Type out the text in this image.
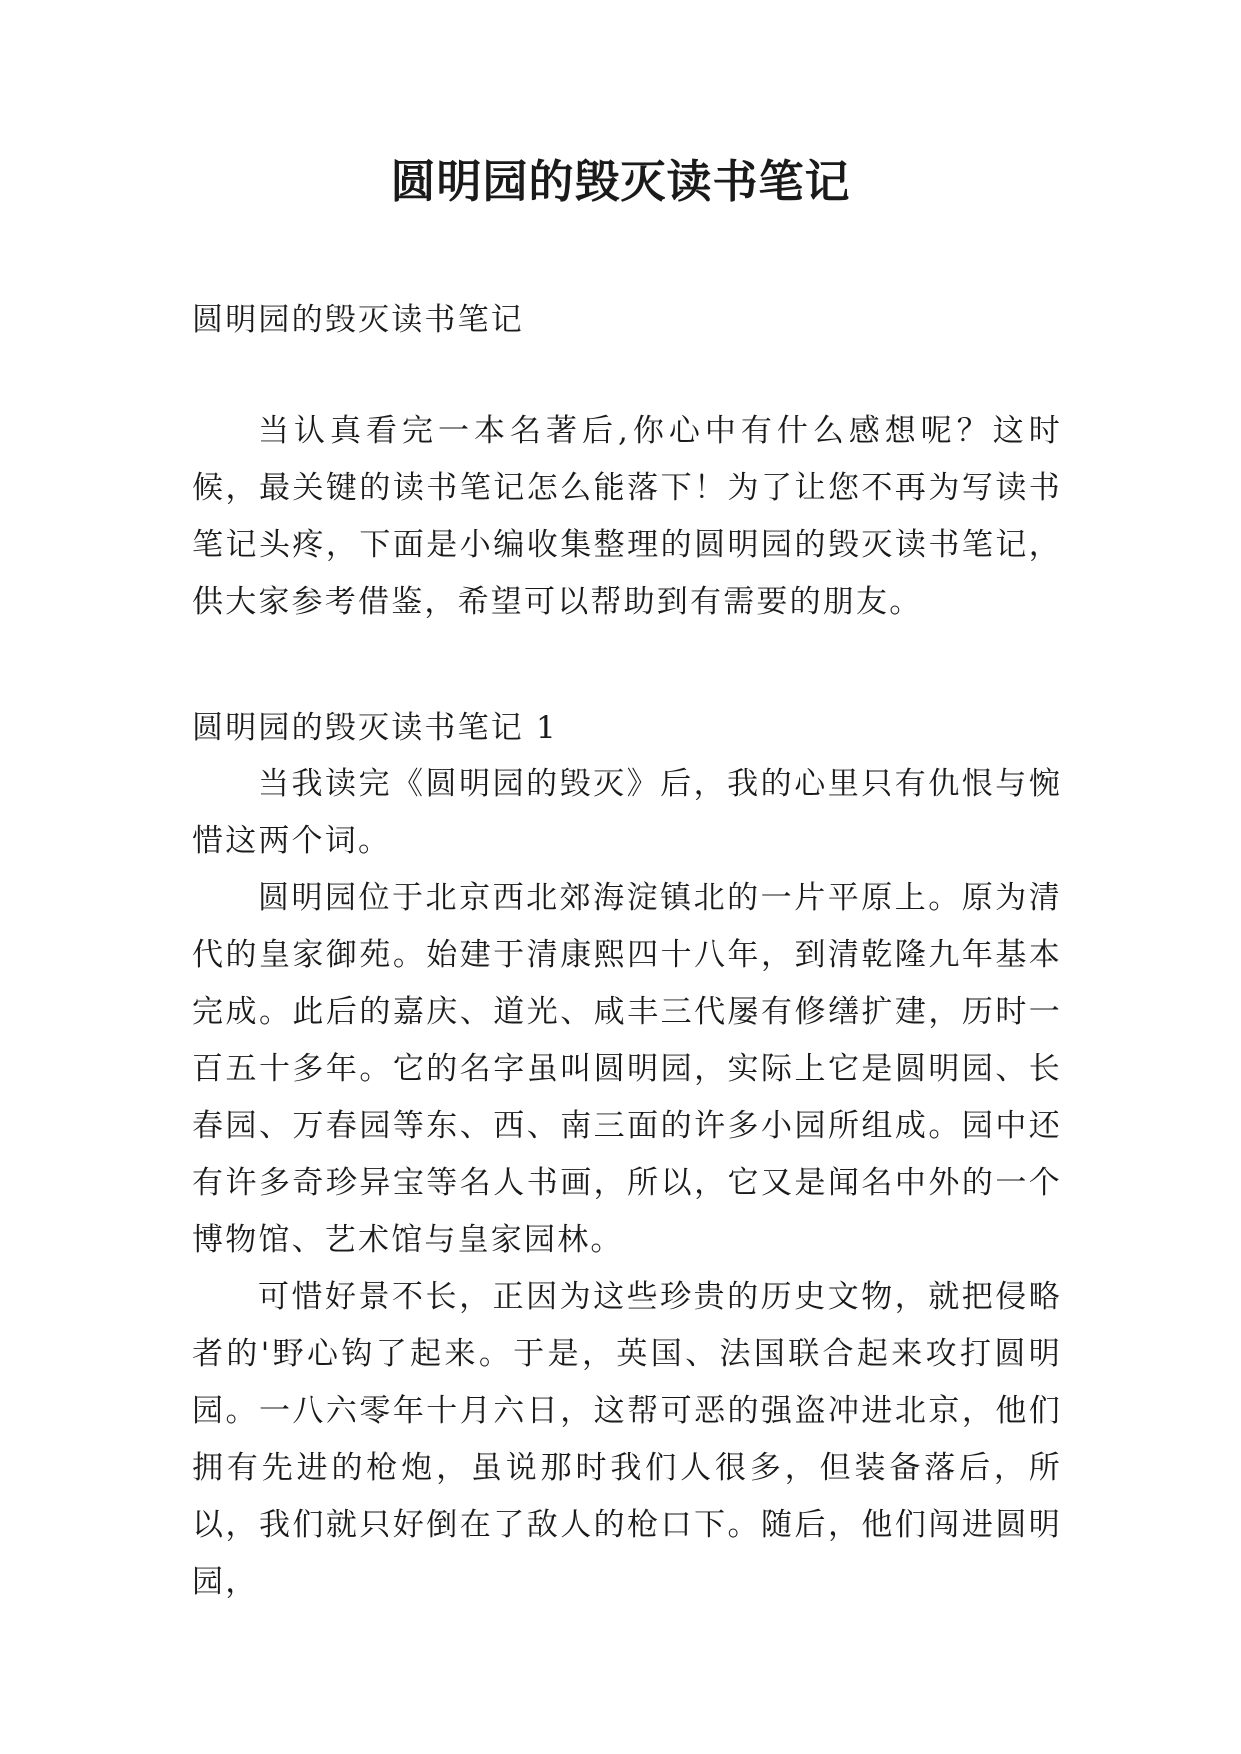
圆明园的毁灭读书笔记
圆明园的毁灭读书笔记

当认真看完一本名著后,你心中有什么感想呢？这时候，最关键的读书笔记怎么能落下！为了让您不再为写读书笔记头疼，下面是小编收集整理的圆明园的毁灭读书笔记，供大家参考借鉴，希望可以帮助到有需要的朋友。

圆明园的毁灭读书笔记 1

当我读完《圆明园的毁灭》后，我的心里只有仇恨与惋惜这两个词。

圆明园位于北京西北郊海淀镇北的一片平原上。原为清代的皇家御苑。始建于清康熙四十八年，到清乾隆九年基本完成。此后的嘉庆、道光、咸丰三代屡有修缮扩建，历时一百五十多年。它的名字虽叫圆明园，实际上它是圆明园、长春园、万春园等东、西、南三面的许多小园所组成。园中还有许多奇珍异宝等名人书画，所以，它又是闻名中外的一个博物馆、艺术馆与皇家园林。

可惜好景不长，正因为这些珍贵的历史文物，就把侵略者的'野心钩了起来。于是，英国、法国联合起来攻打圆明园。一八六零年十月六日，这帮可恶的强盗冲进北京，他们拥有先进的枪炮，虽说那时我们人很多，但装备落后，所以，我们就只好倒在了敌人的枪口下。随后，他们闯进圆明园，
